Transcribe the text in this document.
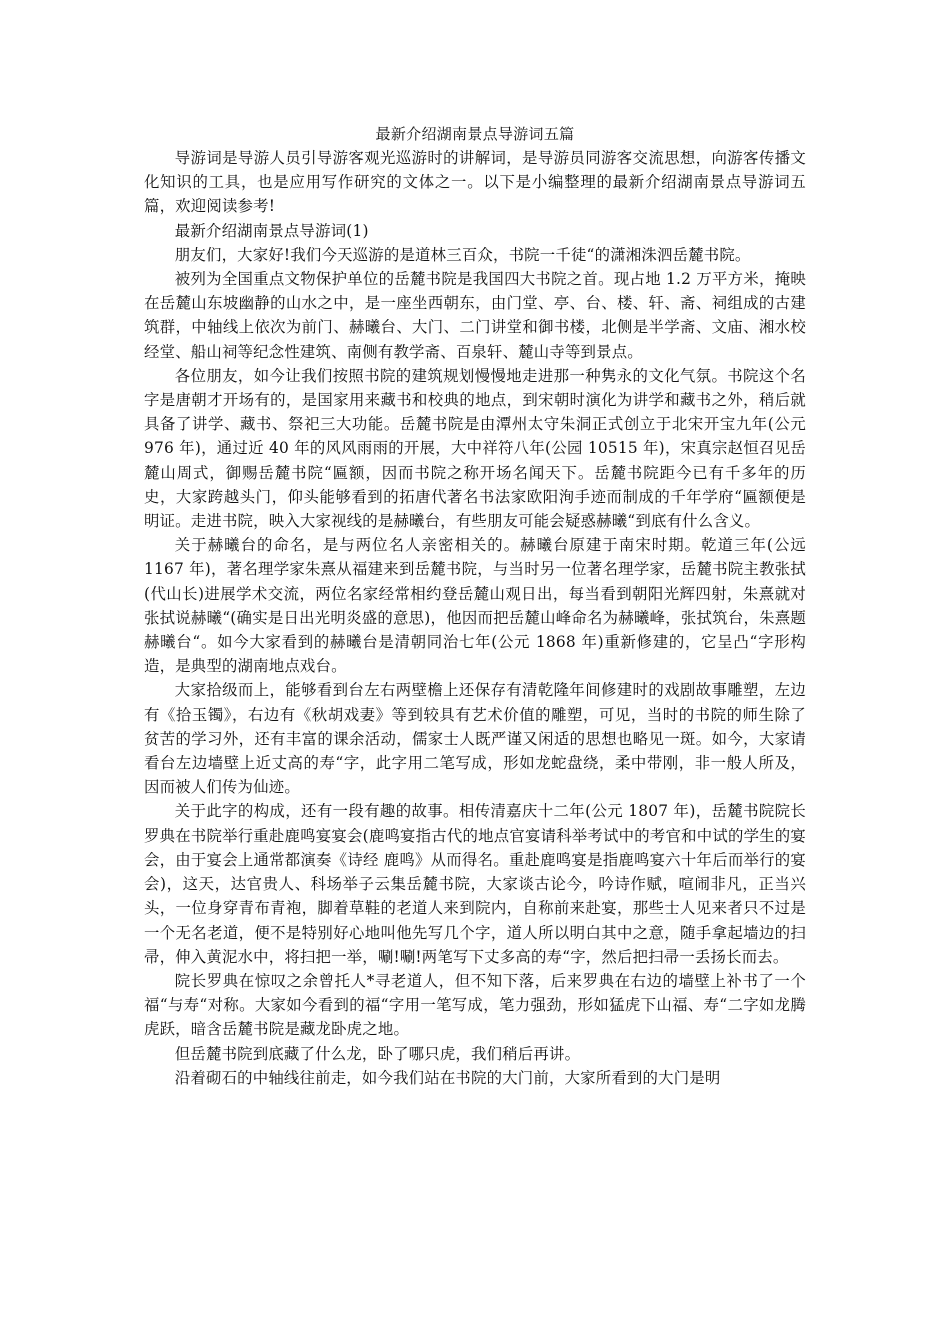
最新介绍湖南景点导游词五篇

导游词是导游人员引导游客观光巡游时的讲解词，是导游员同游客交流思想，向游客传播文化知识的工具，也是应用写作研究的文体之一。以下是小编整理的最新介绍湖南景点导游词五篇，欢迎阅读参考!

最新介绍湖南景点导游词(1)

朋友们，大家好!我们今天巡游的是道林三百众，书院一千徒“的潇湘洙泗岳麓书院。

被列为全国重点文物保护单位的岳麓书院是我国四大书院之首。现占地 1.2 万平方米，掩映在岳麓山东坡幽静的山水之中，是一座坐西朝东，由门堂、亭、台、楼、轩、斋、祠组成的古建筑群，中轴线上依次为前门、赫曦台、大门、二门讲堂和御书楼，北侧是半学斋、文庙、湘水校经堂、船山祠等纪念性建筑、南侧有教学斋、百泉轩、麓山寺等到景点。

各位朋友，如今让我们按照书院的建筑规划慢慢地走进那一种隽永的文化气氛。书院这个名字是唐朝才开场有的，是国家用来藏书和校典的地点，到宋朝时演化为讲学和藏书之外，稍后就具备了讲学、藏书、祭祀三大功能。岳麓书院是由潭州太守朱洞正式创立于北宋开宝九年(公元 976 年)，通过近 40 年的风风雨雨的开展，大中祥符八年(公园 10515 年)，宋真宗赵恒召见岳麓山周式，御赐岳麓书院“匾额，因而书院之称开场名闻天下。岳麓书院距今已有千多年的历史，大家跨越头门，仰头能够看到的拓唐代著名书法家欧阳洵手迹而制成的千年学府“匾额便是明证。走进书院，映入大家视线的是赫曦台，有些朋友可能会疑惑赫曦“到底有什么含义。

关于赫曦台的命名，是与两位名人亲密相关的。赫曦台原建于南宋时期。乾道三年(公远 1167 年)，著名理学家朱熹从福建来到岳麓书院，与当时另一位著名理学家，岳麓书院主教张拭(代山长)进展学术交流，两位名家经常相约登岳麓山观日出，每当看到朝阳光辉四射，朱熹就对张拭说赫曦“(确实是日出光明炎盛的意思)，他因而把岳麓山峰命名为赫曦峰，张拭筑台，朱熹题赫曦台“。如今大家看到的赫曦台是清朝同治七年(公元 1868 年)重新修建的，它呈凸“字形构造，是典型的湖南地点戏台。

大家拾级而上，能够看到台左右两壁檐上还保存有清乾隆年间修建时的戏剧故事雕塑，左边有《拾玉镯》，右边有《秋胡戏妻》等到较具有艺术价值的雕塑，可见，当时的书院的师生除了贫苦的学习外，还有丰富的课余活动，儒家士人既严谨又闲适的思想也略见一斑。如今，大家请看台左边墙壁上近丈高的寿“字，此字用二笔写成，形如龙蛇盘绕，柔中带刚，非一般人所及，因而被人们传为仙迹。

关于此字的构成，还有一段有趣的故事。相传清嘉庆十二年(公元 1807 年)，岳麓书院院长罗典在书院举行重赴鹿鸣宴宴会(鹿鸣宴指古代的地点官宴请科举考试中的考官和中试的学生的宴会，由于宴会上通常都演奏《诗经 鹿鸣》从而得名。重赴鹿鸣宴是指鹿鸣宴六十年后而举行的宴会)，这天，达官贵人、科场举子云集岳麓书院，大家谈古论今，吟诗作赋，喧闹非凡，正当兴头，一位身穿青布青袍，脚着草鞋的老道人来到院内，自称前来赴宴，那些士人见来者只不过是一个无名老道，便不是特别好心地叫他先写几个字，道人所以明白其中之意，随手拿起墙边的扫帚，伸入黄泥水中，将扫把一举，唰!唰!两笔写下丈多高的寿“字，然后把扫帚一丢扬长而去。

院长罗典在惊叹之余曾托人*寻老道人，但不知下落，后来罗典在右边的墙壁上补书了一个福“与寿“对称。大家如今看到的福“字用一笔写成，笔力强劲，形如猛虎下山福、寿“二字如龙腾虎跃，暗含岳麓书院是藏龙卧虎之地。

但岳麓书院到底藏了什么龙，卧了哪只虎，我们稍后再讲。

沿着砌石的中轴线往前走，如今我们站在书院的大门前，大家所看到的大门是明
